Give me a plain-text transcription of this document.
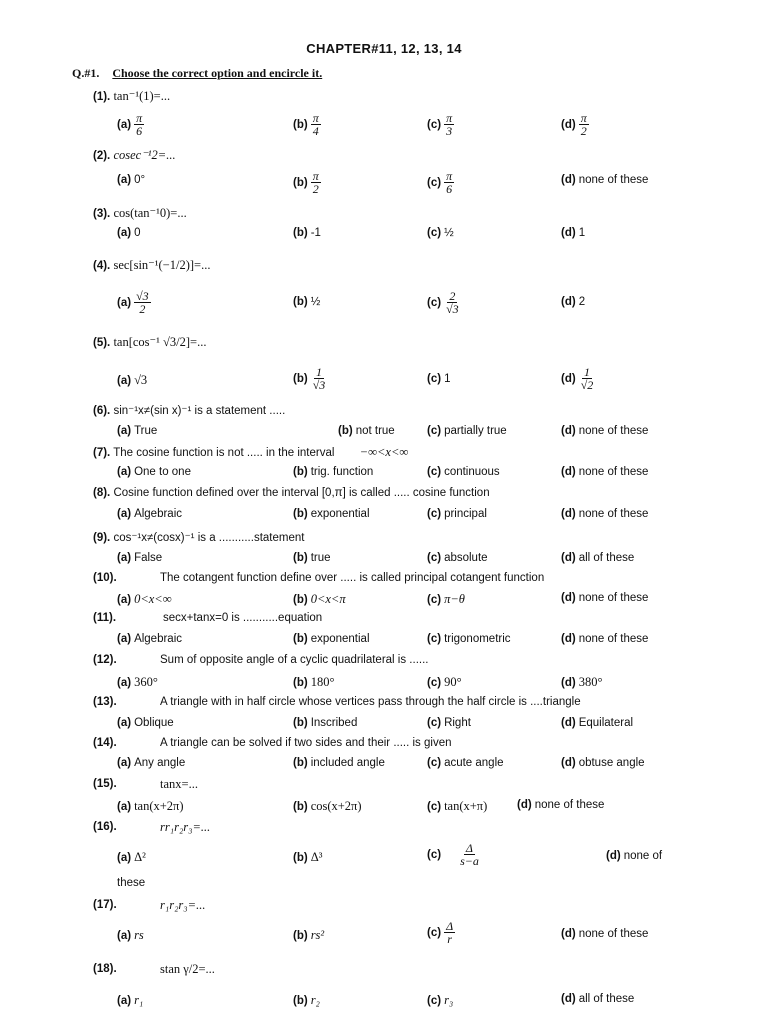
CHAPTER#11, 12, 13, 14
Q.#1. Choose the correct option and encircle it.
(1). tan⁻¹(1)=...
$(a) \frac{\pi}{6}$	$(b) \frac{\pi}{4}$	$(c) \frac{\pi}{3}$	$(d) \frac{\pi}{2}$
(2). cosec⁻¹2=...
(a) 0°	$(b) \frac{\pi}{2}$	$(c) \frac{\pi}{6}$	(d) none of these
(3). cos(tan⁻¹0)=...
(a) 0	(b) -1	(c) ½	(d) 1
(4). sec[sin⁻¹(−1/2)]=...
$(a) \frac{√3}{2}$	(b) ½	$(c) \frac{2}{√3}$	(d) 2
(5). tan[cos⁻¹ √3/2]=...
(a) √3	$(b) \frac{1}{√3}$	(c) 1	$(d) \frac{1}{√2}$
(6). sin⁻¹x≠(sin x)⁻¹ is a statement .....
(a) True	(b) not true	(c) partially true	(d) none of these
(7). The cosine function is not ..... in the interval −∞<x<∞
(a) One to one	(b) trig. function	(c) continuous	(d) none of these
(8). Cosine function defined over the interval [0,π] is called ..... cosine function
(a) Algebraic	(b) exponential	(c) principal	(d) none of these
(9). cos⁻¹x≠(cosx)⁻¹ is a ...........statement
(a) False	(b) true	(c) absolute	(d) all of these
(10).	The cotangent function define over ..... is called principal cotangent function
(a) 0<x<∞	(b) 0<x<π	(c) π−θ	(d) none of these
(11).	secx+tanx=0 is ...........equation
(a) Algebraic	(b) exponential	(c) trigonometric	(d) none of these
(12).	Sum of opposite angle of a cyclic quadrilateral is ......
(a) 360°	(b) 180°	(c) 90°	(d) 380°
(13).	A triangle with in half circle whose vertices pass through the half circle is ....triangle
(a) Oblique	(b) Inscribed	(c) Right	(d) Equilateral
(14).	A triangle can be solved if two sides and their ..... is given
(a) Any angle	(b) included angle	(c) acute angle	(d) obtuse angle
(15).	tanx=...
(a) tan(x+2π)	(b) cos(x+2π)	(c) tan(x+π)	(d) none of these
(16).	rr₁r₂r₃=...
(a) Δ²	(b) Δ³	$(c) \frac{\Delta}{s-a}$	(d) none of
these
(17).	r₁r₂r₃=...
(a) rs	(b) rs²	$(c) \frac{\Delta}{r}$	(d) none of these
(18).	stan γ/2=...
(a) r₁	(b) r₂	(c) r₃	(d) all of these
